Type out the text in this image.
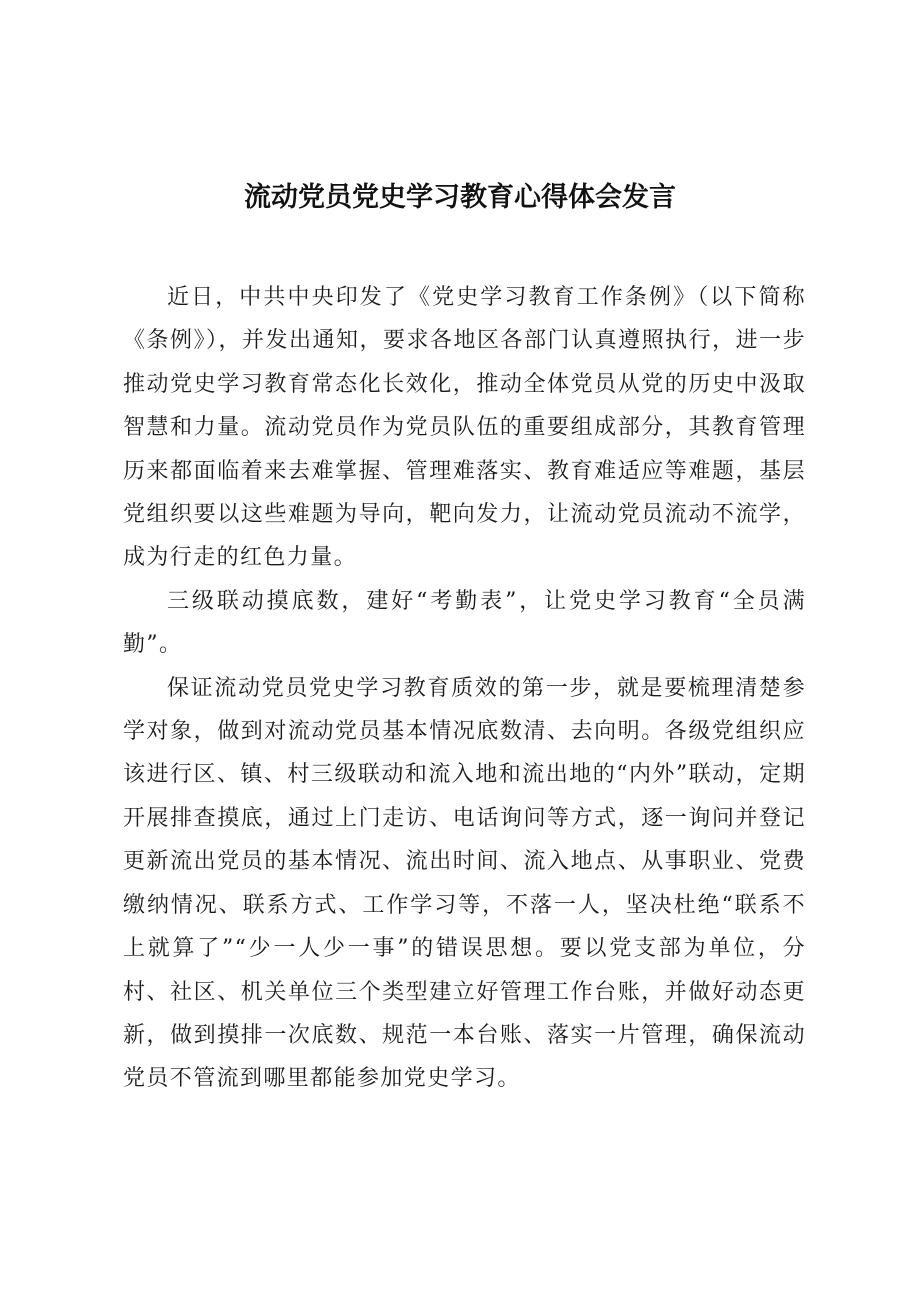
流动党员党史学习教育心得体会发言

近日，中共中央印发了《党史学习教育工作条例》（以下简称《条例》），并发出通知，要求各地区各部门认真遵照执行，进一步推动党史学习教育常态化长效化，推动全体党员从党的历史中汲取智慧和力量。流动党员作为党员队伍的重要组成部分，其教育管理历来都面临着来去难掌握、管理难落实、教育难适应等难题，基层党组织要以这些难题为导向，靶向发力，让流动党员流动不流学，成为行走的红色力量。

三级联动摸底数，建好“考勤表”，让党史学习教育“全员满勤”。

保证流动党员党史学习教育质效的第一步，就是要梳理清楚参学对象，做到对流动党员基本情况底数清、去向明。各级党组织应该进行区、镇、村三级联动和流入地和流出地的“内外”联动，定期开展排查摸底，通过上门走访、电话询问等方式，逐一询问并登记更新流出党员的基本情况、流出时间、流入地点、从事职业、党费缴纳情况、联系方式、工作学习等，不落一人，坚决杜绝“联系不上就算了”“少一人少一事”的错误思想。要以党支部为单位，分村、社区、机关单位三个类型建立好管理工作台账，并做好动态更新，做到摸排一次底数、规范一本台账、落实一片管理，确保流动党员不管流到哪里都能参加党史学习。
